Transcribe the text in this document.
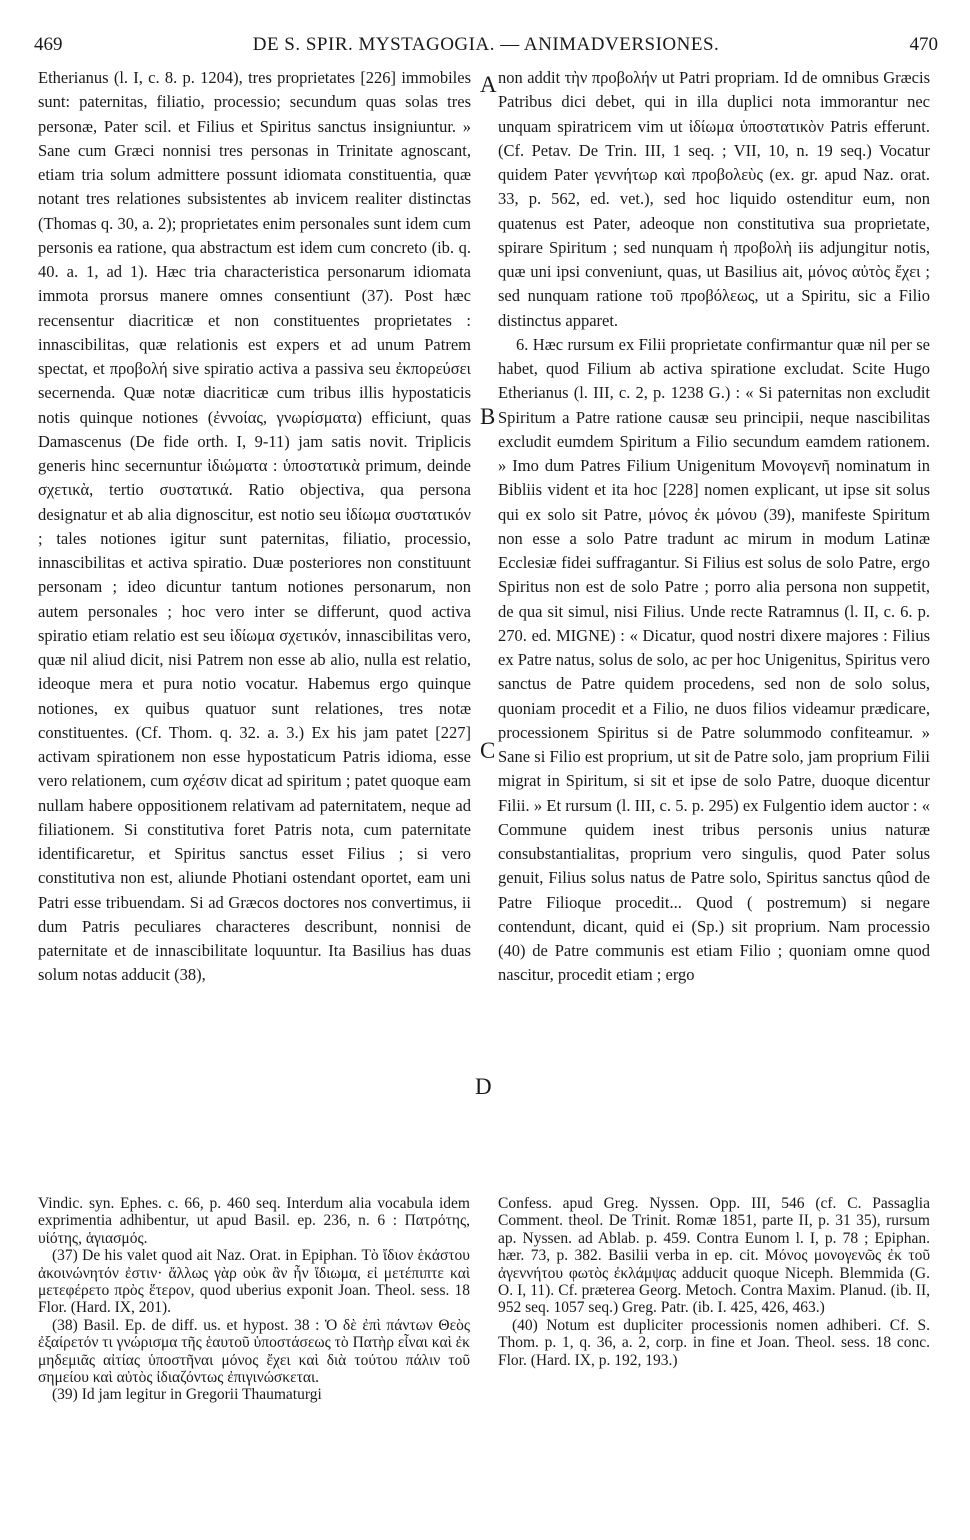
469	DE S. SPIR. MYSTAGOGIA. — ANIMADVERSIONES.	470
A
B
C
D

Etherianus (l. I, c. 8. p. 1204), tres proprietates [226] immobiles sunt: paternitas, filiatio, processio; secundum quas solas tres personæ, Pater scil. et Filius et Spiritus sanctus insigniuntur. » Sane cum Græci nonnisi tres personas in Trinitate agnoscant, etiam tria solum admittere possunt idiomata constituentia, quæ notant tres relationes subsistentes ab invicem realiter distinctas (Thomas q. 30, a. 2); proprietates enim personales sunt idem cum personis ea ratione, qua abstractum est idem cum concreto (ib. q. 40. a. 1, ad 1). Hæc tria characteristica personarum idiomata immota prorsus manere omnes consentiunt (37). Post hæc recensentur diacriticæ et non constituentes proprietates : innascibilitas, quæ relationis est expers et ad unum Patrem spectat, et προβολή sive spiratio activa a passiva seu ἐκπορεύσει secernenda. Quæ notæ diacriticæ cum tribus illis hypostaticis notis quinque notiones (ἐννοίας, γνωρίσματα) efficiunt, quas Damascenus (De fide orth. I, 9-11) jam satis novit. Triplicis generis hinc secernuntur ἰδιώματα : ὑποστατικὰ primum, deinde σχετικὰ, tertio συστατικά. Ratio objectiva, qua persona designatur et ab alia dignoscitur, est notio seu ἰδίωμα συστατικόν ; tales notiones igitur sunt paternitas, filiatio, processio, innascibilitas et activa spiratio. Duæ posteriores non constituunt personam ; ideo dicuntur tantum notiones personarum, non autem personales ; hoc vero inter se differunt, quod activa spiratio etiam relatio est seu ἰδίωμα σχετικόν, innascibilitas vero, quæ nil aliud dicit, nisi Patrem non esse ab alio, nulla est relatio, ideoque mera et pura notio vocatur. Habemus ergo quinque notiones, ex quibus quatuor sunt relationes, tres notæ constituentes. (Cf. Thom. q. 32. a. 3.) Ex his jam patet [227] activam spirationem non esse hypostaticum Patris idioma, esse vero relationem, cum σχέσιν dicat ad spiritum ; patet quoque eam nullam habere oppositionem relativam ad paternitatem, neque ad filiationem. Si constitutiva foret Patris nota, cum paternitate identificaretur, et Spiritus sanctus esset Filius ; si vero constitutiva non est, aliunde Photiani ostendant oportet, eam uni Patri esse tribuendam. Si ad Græcos doctores nos convertimus, ii dum Patris peculiares characteres describunt, nonnisi de paternitate et de innascibilitate loquuntur. Ita Basilius has duas solum notas adducit (38),

non addit τὴν προβολήν ut Patri propriam. Id de omnibus Græcis Patribus dici debet, qui in illa duplici nota immorantur nec unquam spiratricem vim ut ἰδίωμα ὑποστατικὸν Patris efferunt. (Cf. Petav. De Trin. III, 1 seq. ; VII, 10, n. 19 seq.) Vocatur quidem Pater γεννήτωρ καὶ προβολεὺς (ex. gr. apud Naz. orat. 33, p. 562, ed. vet.), sed hoc liquido ostenditur eum, non quatenus est Pater, adeoque non constitutiva sua proprietate, spirare Spiritum ; sed nunquam ἡ προβολὴ iis adjungitur notis, quæ uni ipsi conveniunt, quas, ut Basilius ait, μόνος αὐτὸς ἔχει ; sed nunquam ratione τοῦ προβόλεως, ut a Spiritu, sic a Filio distinctus apparet.

6. Hæc rursum ex Filii proprietate confirmantur quæ nil per se habet, quod Filium ab activa spiratione excludat. Scite Hugo Etherianus (l. III, c. 2, p. 1238 G.) : « Si paternitas non excludit Spiritum a Patre ratione causæ seu principii, neque nascibilitas excludit eumdem Spiritum a Filio secundum eamdem rationem. » Imo dum Patres Filium Unigenitum Μονογενῆ nominatum in Bibliis vident et ita hoc [228] nomen explicant, ut ipse sit solus qui ex solo sit Patre, μόνος ἐκ μόνου (39), manifeste Spiritum non esse a solo Patre tradunt ac mirum in modum Latinæ Ecclesiæ fidei suffragantur. Si Filius est solus de solo Patre, ergo Spiritus non est de solo Patre ; porro alia persona non suppetit, de qua sit simul, nisi Filius. Unde recte Ratramnus (l. II, c. 6. p. 270. ed. MIGNE) : « Dicatur, quod nostri dixere majores : Filius ex Patre natus, solus de solo, ac per hoc Unigenitus, Spiritus vero sanctus de Patre quidem procedens, sed non de solo solus, quoniam procedit et a Filio, ne duos filios videamur prædicare, processionem Spiritus si de Patre solummodo confiteamur. » Sane si Filio est proprium, ut sit de Patre solo, jam proprium Filii migrat in Spiritum, si sit et ipse de solo Patre, duoque dicentur Filii. » Et rursum (l. III, c. 5. p. 295) ex Fulgentio idem auctor : « Commune quidem inest tribus personis unius naturæ consubstantialitas, proprium vero singulis, quod Pater solus genuit, Filius solus natus de Patre solo, Spiritus sanctus qûod de Patre Filioque procedit... Quod ( postremum) si negare contendunt, dicant, quid ei (Sp.) sit proprium. Nam processio (40) de Patre communis est etiam Filio ; quoniam omne quod nascitur, procedit etiam ; ergo

Vindic. syn. Ephes. c. 66, p. 460 seq. Interdum alia vocabula idem exprimentia adhibentur, ut apud Basil. ep. 236, n. 6 : Πατρότης, υἱότης, ἁγιασμός.

(37) De his valet quod ait Naz. Orat. in Epiphan. Τὸ ἴδιον ἑκάστου ἀκοινώνητόν ἐστιν· ἄλλως γὰρ οὐκ ἂν ἦν ἴδιωμα, εἰ μετέπιπτε καὶ μετεφέρετο πρὸς ἕτερον, quod uberius exponit Joan. Theol. sess. 18 Flor. (Hard. IX, 201).

(38) Basil. Ep. de diff. us. et hypost. 38 : Ὁ δὲ ἐπὶ πάντων Θεὸς ἐξαίρετόν τι γνώρισμα τῆς ἑαυτοῦ ὑποστάσεως τὸ Πατὴρ εἶναι καὶ ἐκ μηδεμιᾶς αἰτίας ὑποστῆναι μόνος ἔχει καὶ διὰ τούτου πάλιν τοῦ σημείου καὶ αὐτὸς ἰδιαζόντως ἐπιγινώσκεται.

(39) Id jam legitur in Gregorii Thaumaturgi

Confess. apud Greg. Nyssen. Opp. III, 546 (cf. C. Passaglia Comment. theol. De Trinit. Romæ 1851, parte II, p. 31 35), rursum ap. Nyssen. ad Ablab. p. 459. Contra Eunom l. I, p. 78 ; Epiphan. hær. 73, p. 382. Basilii verba in ep. cit. Μόνος μονογενῶς ἐκ τοῦ ἀγεννήτου φωτὸς ἐκλάμψας adducit quoque Niceph. Blemmida (G. O. I, 11). Cf. præterea Georg. Metoch. Contra Maxim. Planud. (ib. II, 952 seq. 1057 seq.) Greg. Patr. (ib. I. 425, 426, 463.)

(40) Notum est dupliciter processionis nomen adhiberi. Cf. S. Thom. p. 1, q. 36, a. 2, corp. in fine et Joan. Theol. sess. 18 conc. Flor. (Hard. IX, p. 192, 193.)
